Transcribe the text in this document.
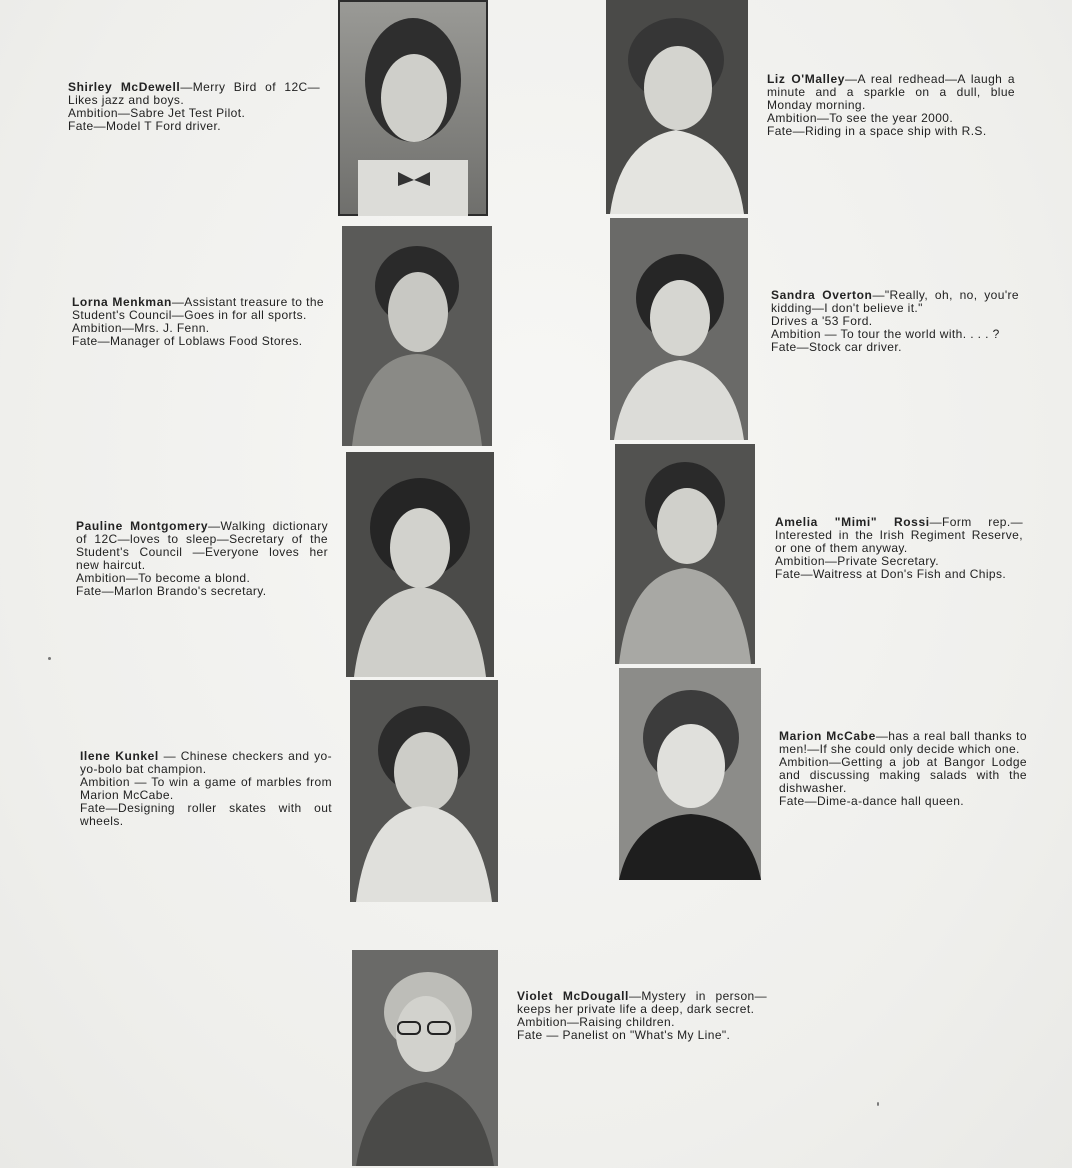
Shirley McDewell—Merry Bird of 12C—Likes jazz and boys.

Ambition—Sabre Jet Test Pilot.

Fate—Model T Ford driver.

Lorna Menkman—Assistant treasure to the Student's Council—Goes in for all sports.

Ambition—Mrs. J. Fenn.

Fate—Manager of Loblaws Food Stores.

Pauline Montgomery—Walking dictionary of 12C—loves to sleep—Secretary of the Student's Council —Everyone loves her new haircut.

Ambition—To become a blond.

Fate—Marlon Brando's secretary.

Ilene Kunkel — Chinese checkers and yo-yo-bolo bat champion.

Ambition — To win a game of marbles from Marion McCabe.

Fate—Designing roller skates with out wheels.

Liz O'Malley—A real redhead—A laugh a minute and a sparkle on a dull, blue Monday morning.

Ambition—To see the year 2000.

Fate—Riding in a space ship with R.S.

Sandra Overton—"Really, oh, no, you're kidding—I don't believe it."

Drives a '53 Ford.

Ambition — To tour the world with. . . . ?

Fate—Stock car driver.

Amelia "Mimi" Rossi—Form rep.—Interested in the Irish Regiment Reserve, or one of them anyway.

Ambition—Private Secretary.

Fate—Waitress at Don's Fish and Chips.

Marion McCabe—has a real ball thanks to men!—If she could only decide which one.

Ambition—Getting a job at Bangor Lodge and discussing making salads with the dishwasher.

Fate—Dime-a-dance hall queen.

Violet McDougall—Mystery in person—keeps her private life a deep, dark secret.

Ambition—Raising children.

Fate — Panelist on "What's My Line".
